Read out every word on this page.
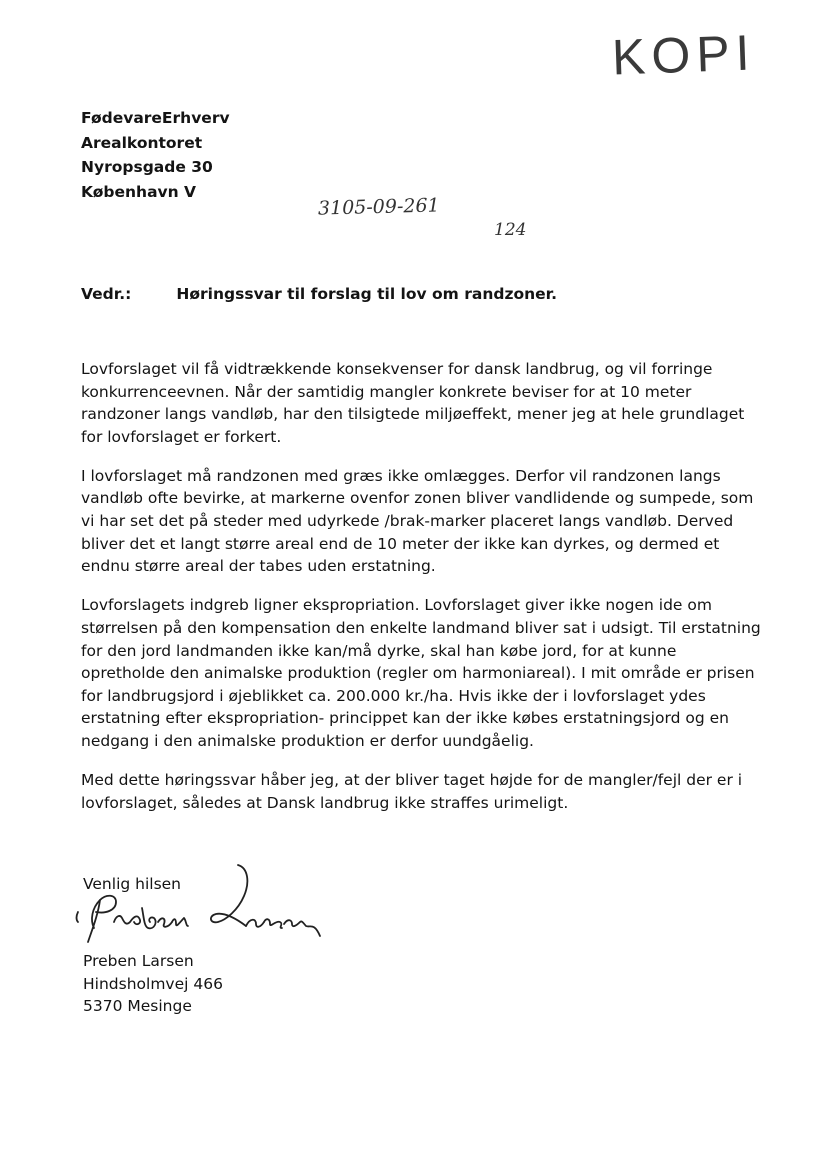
KOPI
FødevareErhverv
Arealkontoret
Nyropsgade 30
København V
3105-09-261
124
Vedr.:	Høringssvar til forslag til lov om randzoner.

Lovforslaget vil få vidtrækkende konsekvenser for dansk landbrug, og vil forringe konkurrenceevnen. Når der samtidig mangler konkrete beviser for at 10 meter randzoner langs vandløb, har den tilsigtede miljøeffekt, mener jeg at hele grundlaget for lovforslaget er forkert.

I lovforslaget må randzonen med græs ikke omlægges. Derfor vil randzonen langs vandløb ofte bevirke, at markerne ovenfor zonen bliver vandlidende og sumpede, som vi har set det på steder med udyrkede /brak-marker placeret langs vandløb. Derved bliver det et langt større areal end de 10 meter der ikke kan dyrkes, og dermed et endnu større areal der tabes uden erstatning.

Lovforslagets indgreb ligner ekspropriation. Lovforslaget giver ikke nogen ide om størrelsen på den kompensation den enkelte landmand bliver sat i udsigt. Til erstatning for den jord landmanden ikke kan/må dyrke, skal han købe jord, for at kunne opretholde den animalske produktion (regler om harmoniareal). I mit område er prisen for landbrugsjord i øjeblikket ca. 200.000 kr./ha. Hvis ikke der i lovforslaget ydes erstatning efter ekspropriation- princippet kan der ikke købes erstatningsjord og en nedgang i den animalske produktion er derfor uundgåelig.

Med dette høringssvar håber jeg, at der bliver taget højde for de mangler/fejl der er i lovforslaget, således at Dansk landbrug ikke straffes urimeligt.

Venlig hilsen
Preben Larsen
Hindsholmvej 466
5370 Mesinge
